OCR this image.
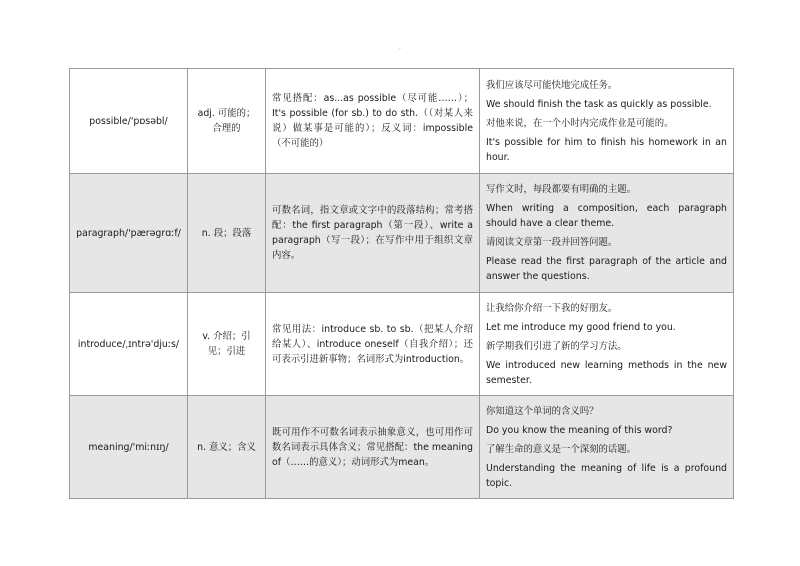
.
possible/'pɒsəbl/	adj. 可能的；合理的	常见搭配：as...as possible（尽可能……）；It's possible (for sb.) to do sth.（（对某人来说）做某事是可能的）；反义词：impossible（不可能的）	我们应该尽可能快地完成任务。

We should finish the task as quickly as possible.

对他来说，在一个小时内完成作业是可能的。

It's possible for him to finish his homework in an hour.

paragraph/'pærəgrɑːf/	n. 段；段落	可数名词，指文章或文字中的段落结构；常考搭配：the first paragraph（第一段）、write a paragraph（写一段）；在写作中用于组织文章内容。	写作文时，每段都要有明确的主题。

When writing a composition, each paragraph should have a clear theme.

请阅读文章第一段并回答问题。

Please read the first paragraph of the article and answer the questions.

introduce/ˌɪntrə'djuːs/	v. 介绍；引见；引进	常见用法：introduce sb. to sb.（把某人介绍给某人）、introduce oneself（自我介绍）；还可表示引进新事物；名词形式为introduction。	让我给你介绍一下我的好朋友。

Let me introduce my good friend to you.

新学期我们引进了新的学习方法。

We introduced new learning methods in the new semester.

meaning/'miːnɪŋ/	n. 意义；含义	既可用作不可数名词表示抽象意义，也可用作可数名词表示具体含义；常见搭配：the meaning of（……的意义）；动词形式为mean。	你知道这个单词的含义吗？

Do you know the meaning of this word?

了解生命的意义是一个深刻的话题。

Understanding the meaning of life is a profound topic.
